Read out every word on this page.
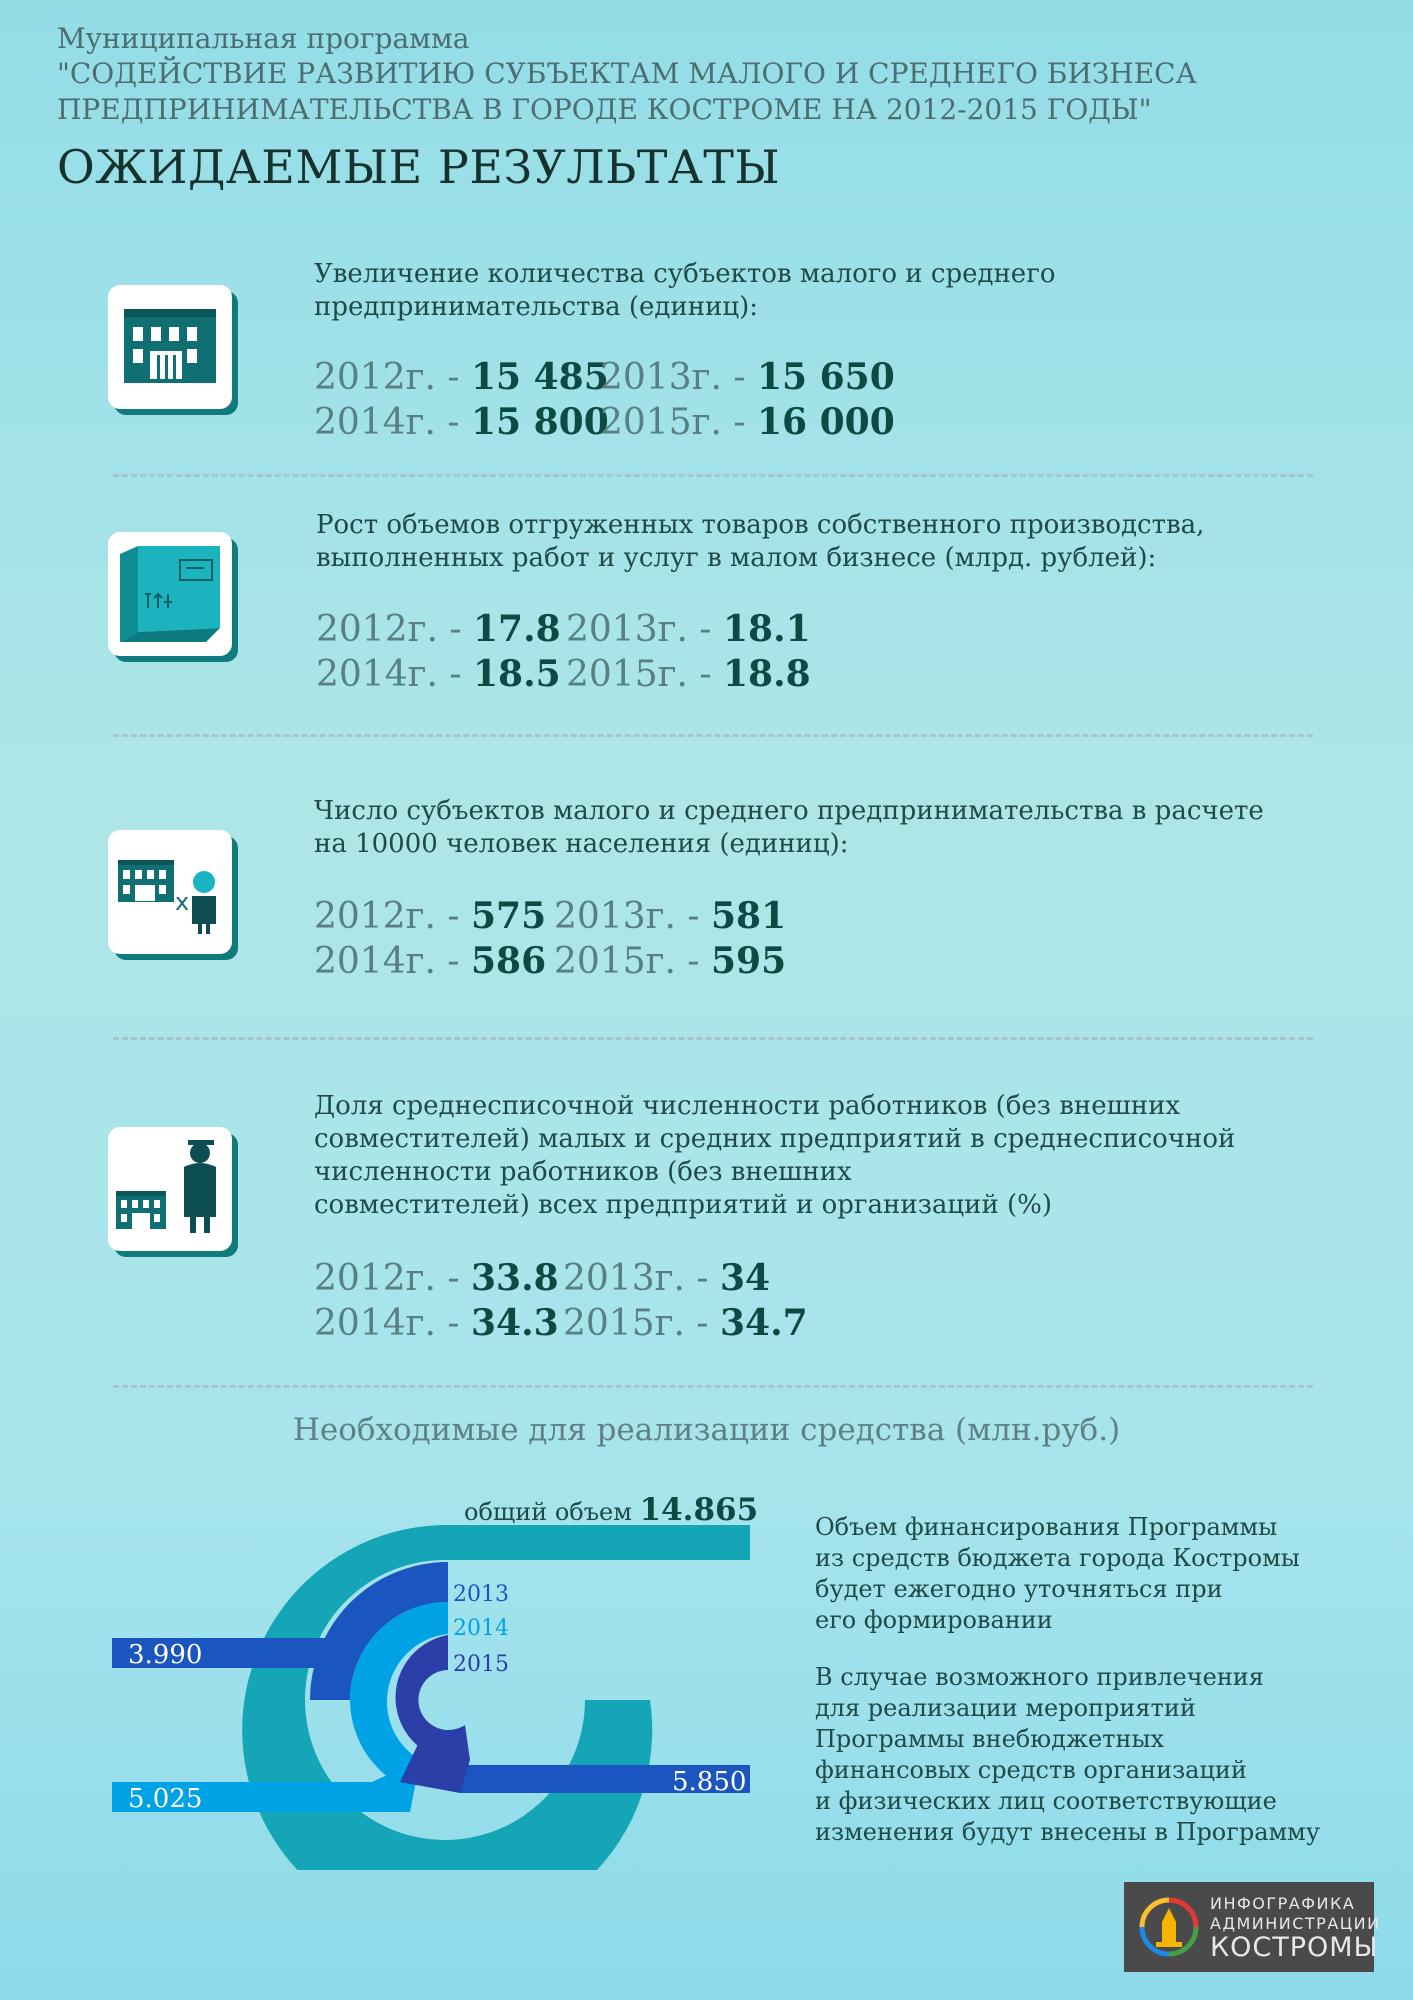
Муниципальная программа
"СОДЕЙСТВИЕ РАЗВИТИЮ СУБЪЕКТАМ МАЛОГО И СРЕДНЕГО БИЗНЕСА
ПРЕДПРИНИМАТЕЛЬСТВА В ГОРОДЕ КОСТРОМЕ НА 2012-2015 ГОДЫ"
ОЖИДАЕМЫЕ РЕЗУЛЬТАТЫ
Увеличение количества субъектов малого и среднего
предпринимательства (единиц):
2012г. - 15 485
2013г. - 15 650
2014г. - 15 800
2015г. - 16 000
Рост объемов отгруженных товаров собственного производства,
выполненных работ и услуг в малом бизнесе (млрд. рублей):
2012г. - 17.8 2013г. - 18.1
2014г. - 18.5 2015г. - 18.8
x
Число субъектов малого и среднего предпринимательства в расчете
на 10000 человек населения (единиц):
2012г. - 575 2013г. - 581
2014г. - 586 2015г. - 595
Доля среднесписочной численности работников (без внешних
совместителей) малых и средних предприятий в среднесписочной
численности работников (без внешних
совместителей) всех предприятий и организаций (%)
2012г. - 33.8 2013г. - 34
2014г. - 34.3 2015г. - 34.7
Необходимые для реализации средства (млн.руб.)
общий объем 14.865
2013
2014
2015
3.990
5.025
5.850
Объем финансирования Программы
из средств бюджета города Костромы
будет ежегодно уточняться при
его формировании
В случае возможного привлечения
для реализации мероприятий
Программы внебюджетных
финансовых средств организаций
и физических лиц соответствующие
изменения будут внесены в Программу
ИНФОГРАФИКА
АДМИНИСТРАЦИИ
КОСТРОМЫ
